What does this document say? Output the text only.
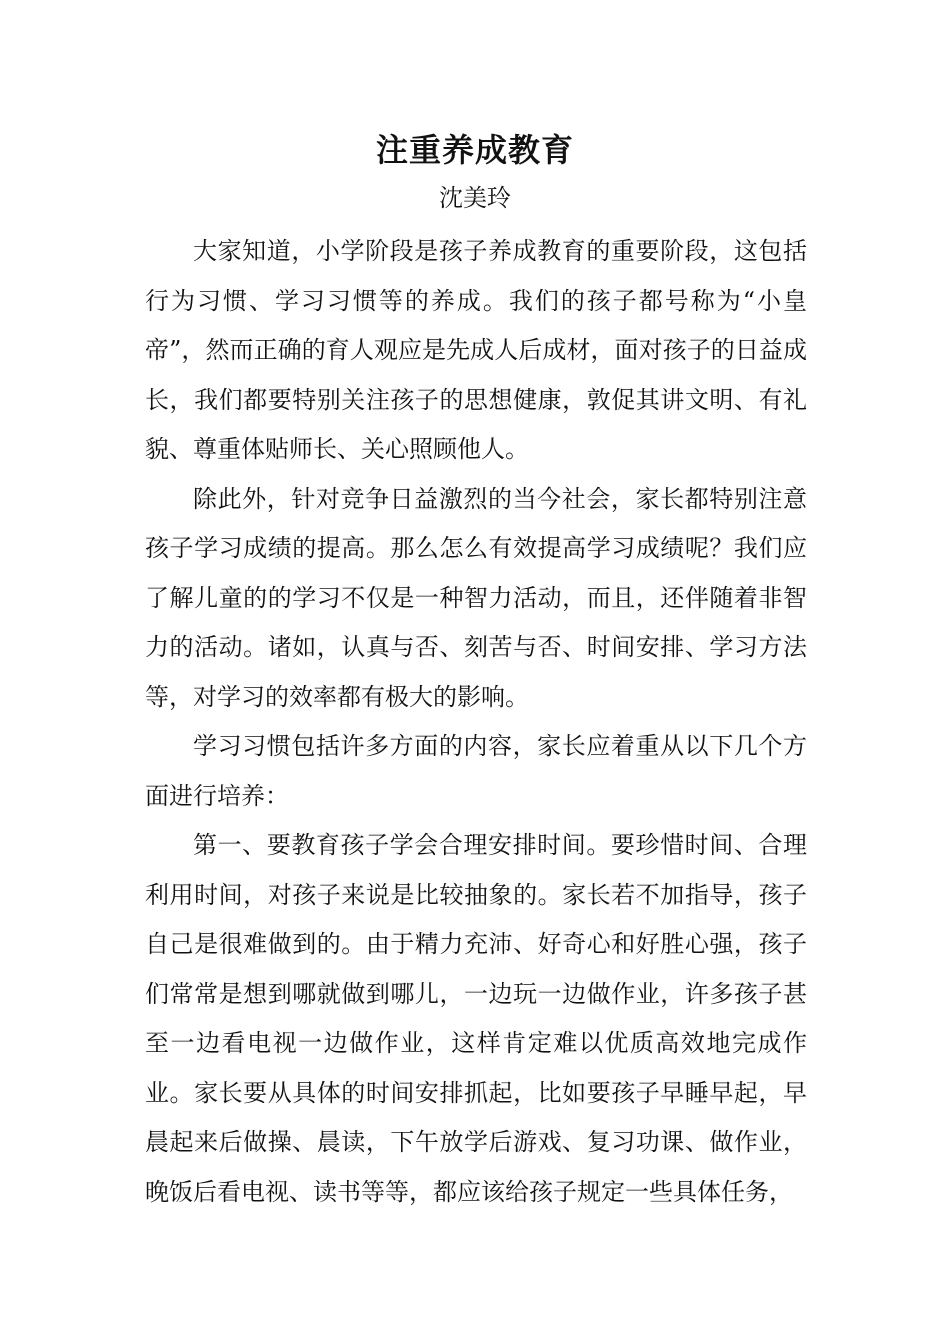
注重养成教育
沈美玲

大家知道，小学阶段是孩子养成教育的重要阶段，这包括行为习惯、学习习惯等的养成。我们的孩子都号称为“小皇帝”，然而正确的育人观应是先成人后成材，面对孩子的日益成长，我们都要特别关注孩子的思想健康，敦促其讲文明、有礼貌、尊重体贴师长、关心照顾他人。

除此外，针对竞争日益激烈的当今社会，家长都特别注意孩子学习成绩的提高。那么怎么有效提高学习成绩呢？我们应了解儿童的的学习不仅是一种智力活动，而且，还伴随着非智力的活动。诸如，认真与否、刻苦与否、时间安排、学习方法等，对学习的效率都有极大的影响。

学习习惯包括许多方面的内容，家长应着重从以下几个方面进行培养：

第一、要教育孩子学会合理安排时间。要珍惜时间、合理利用时间，对孩子来说是比较抽象的。家长若不加指导，孩子自己是很难做到的。由于精力充沛、好奇心和好胜心强，孩子们常常是想到哪就做到哪儿，一边玩一边做作业，许多孩子甚至一边看电视一边做作业，这样肯定难以优质高效地完成作业。家长要从具体的时间安排抓起，比如要孩子早睡早起，早晨起来后做操、晨读，下午放学后游戏、复习功课、做作业，晚饭后看电视、读书等等，都应该给孩子规定一些具体任务，
